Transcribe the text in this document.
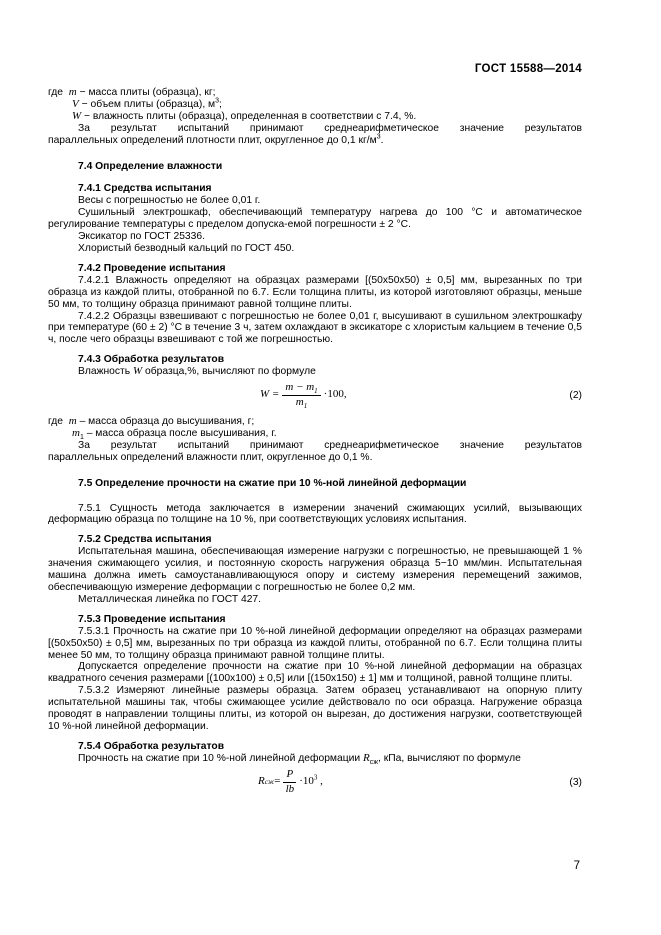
ГОСТ 15588—2014

где m − масса плиты (образца), кг;

V − объем плиты (образца), $м^3$;

W − влажность плиты (образца), определенная в соответствии с 7.4, %.

За результат испытаний принимают среднеарифметическое значение результатов

параллельных определений плотности плит, округленное до 0,1 $кг/м^3$.

7.4 Определение влажности

7.4.1 Средства испытания

Весы с погрешностью не более 0,01 г.

Сушильный электрошкаф, обеспечивающий температуру нагрева до 100 °C и автоматическое регулирование температуры с пределом допуска-емой погрешности ± 2 °C.

Эксикатор по ГОСТ 25336.

Хлористый безводный кальций по ГОСТ 450.

7.4.2 Проведение испытания

7.4.2.1 Влажность определяют на образцах размерами [(50х50х50) ± 0,5] мм, вырезанных по три образца из каждой плиты, отобранной по 6.7. Если толщина плиты, из которой изготовляют образцы, меньше 50 мм, то толщину образца принимают равной толщине плиты.

7.4.2.2 Образцы взвешивают с погрешностью не более 0,01 г, высушивают в сушильном электрошкафу при температуре (60 ± 2) °C в течение 3 ч, затем охлаждают в эксикаторе с хлористым кальцием в течение 0,5 ч, после чего образцы взвешивают с той же погрешностью.

7.4.3 Обработка результатов

Влажность W образца,%, вычисляют по формуле

$W = \frac{m - m_1}{m_1} \cdot 100$,	(2)

где m – масса образца до высушивания, г;

$m_1$ – масса образца после высушивания, г.

За результат испытаний принимают среднеарифметическое значение результатов

параллельных определений влажности плит, округленное до 0,1 %.

7.5 Определение прочности на сжатие при 10 %-ной линейной деформации

7.5.1 Сущность метода заключается в измерении значений сжимающих усилий, вызывающих деформацию образца по толщине на 10 %, при соответствующих условиях испытания.

7.5.2 Средства испытания

Испытательная машина, обеспечивающая измерение нагрузки с погрешностью, не превышающей 1 % значения сжимающего усилия, и постоянную скорость нагружения образца 5−10 мм/мин. Испытательная машина должна иметь самоустанавливающуюся опору и систему измерения перемещений зажимов, обеспечивающую измерение деформации с погрешностью не более 0,2 мм.

Металлическая линейка по ГОСТ 427.

7.5.3 Проведение испытания

7.5.3.1 Прочность на сжатие при 10 %-ной линейной деформации определяют на образцах размерами [(50х50х50) ± 0,5] мм, вырезанных по три образца из каждой плиты, отобранной по 6.7. Если толщина плиты менее 50 мм, то толщину образца принимают равной толщине плиты.

Допускается определение прочности на сжатие при 10 %-ной линейной деформации на образцах квадратного сечения размерами [(100х100) ± 0,5] или [(150х150) ± 1] мм и толщиной, равной толщине плиты.

7.5.3.2 Измеряют линейные размеры образца. Затем образец устанавливают на опорную плиту испытательной машины так, чтобы сжимающее усилие действовало по оси образца. Нагружение образца проводят в направлении толщины плиты, из которой он вырезан, до достижения нагрузки, соответствующей 10 %-ной линейной деформации.

7.5.4 Обработка результатов

Прочность на сжатие при 10 %-ной линейной деформации $R_{сж}$, кПа, вычисляют по формуле

R сж = $\frac{P}{lb} \cdot 10^3$ ,	(3)
7
